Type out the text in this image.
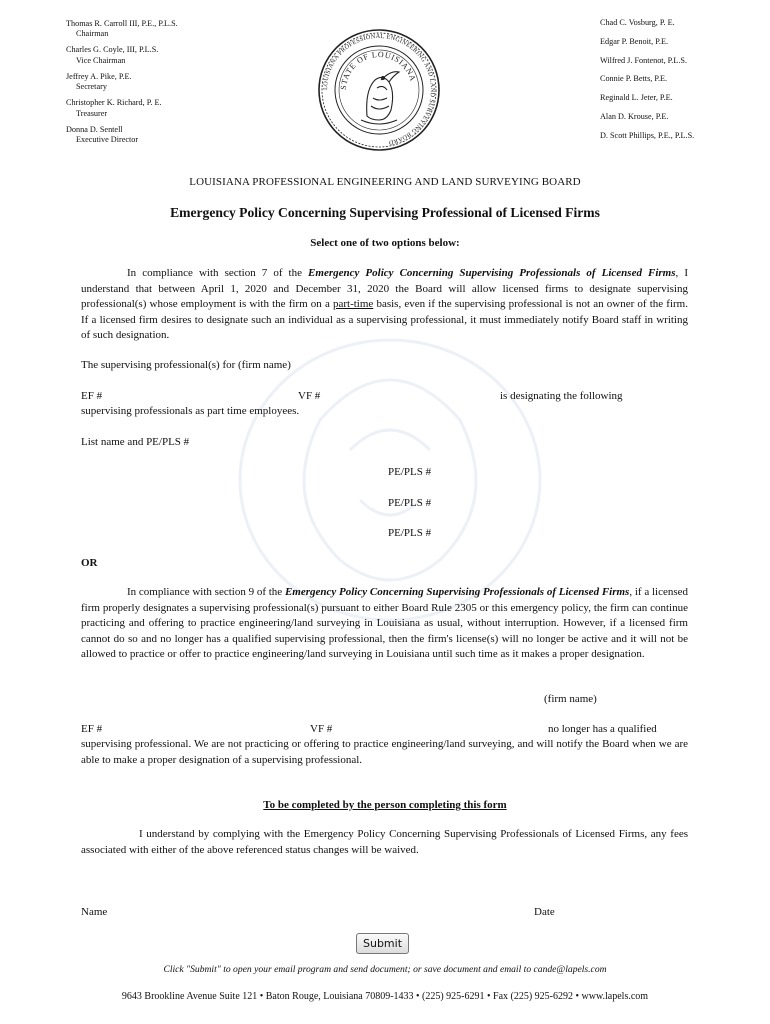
Thomas R. Carroll III, P.E., P.L.S.
Chairman
Charles G. Coyle, III, P.L.S.
Vice Chairman
Jeffrey A. Pike, P.E.
Secretary
Christopher K. Richard, P. E.
Treasurer
Donna D. Sentell
Executive Director
LOUISIANA PROFESSIONAL ENGINEERING AND LAND SURVEYING BOARD
STATE OF LOUISIANA
Chad C. Vosburg, P. E.
Edgar P. Benoit, P.E.
Wilfred J. Fontenot, P.L.S.
Connie P. Betts, P.E.
Reginald L. Jeter, P.E.
Alan D. Krouse, P.E.
D. Scott Phillips, P.E., P.L.S.
LOUISIANA PROFESSIONAL ENGINEERING AND LAND SURVEYING BOARD
Emergency Policy Concerning Supervising Professional of Licensed Firms
Select one of two options below:
In compliance with section 7 of the Emergency Policy Concerning Supervising Professionals of Licensed Firms, I understand that between April 1, 2020 and December 31, 2020 the Board will allow licensed firms to designate supervising professional(s) whose employment is with the firm on a part-time basis, even if the supervising professional is not an owner of the firm. If a licensed firm desires to designate such an individual as a supervising professional, it must immediately notify Board staff in writing of such designation.
The supervising professional(s) for (firm name)
EF #	VF #	is designating the following
supervising professionals as part time employees.
List name and PE/PLS #
PE/PLS #
PE/PLS #
PE/PLS #
OR
In compliance with section 9 of the Emergency Policy Concerning Supervising Professionals of Licensed Firms, if a licensed firm properly designates a supervising professional(s) pursuant to either Board Rule 2305 or this emergency policy, the firm can continue practicing and offering to practice engineering/land surveying in Louisiana as usual, without interruption. However, if a licensed firm cannot do so and no longer has a qualified supervising professional, then the firm's license(s) will no longer be active and it will not be allowed to practice or offer to practice engineering/land surveying in Louisiana until such time as it makes a proper designation.
(firm name)
EF #	VF #	no longer has a qualified
supervising professional. We are not practicing or offering to practice engineering/land surveying, and will notify the Board when we are able to make a proper designation of a supervising professional.
To be completed by the person completing this form
I understand by complying with the Emergency Policy Concerning Supervising Professionals of Licensed Firms, any fees associated with either of the above referenced status changes will be waived.
Name	Date
Submit
Click "Submit" to open your email program and send document; or save document and email to cande@lapels.com
9643 Brookline Avenue Suite 121 • Baton Rouge, Louisiana 70809-1433 • (225) 925-6291 • Fax (225) 925-6292 • www.lapels.com
